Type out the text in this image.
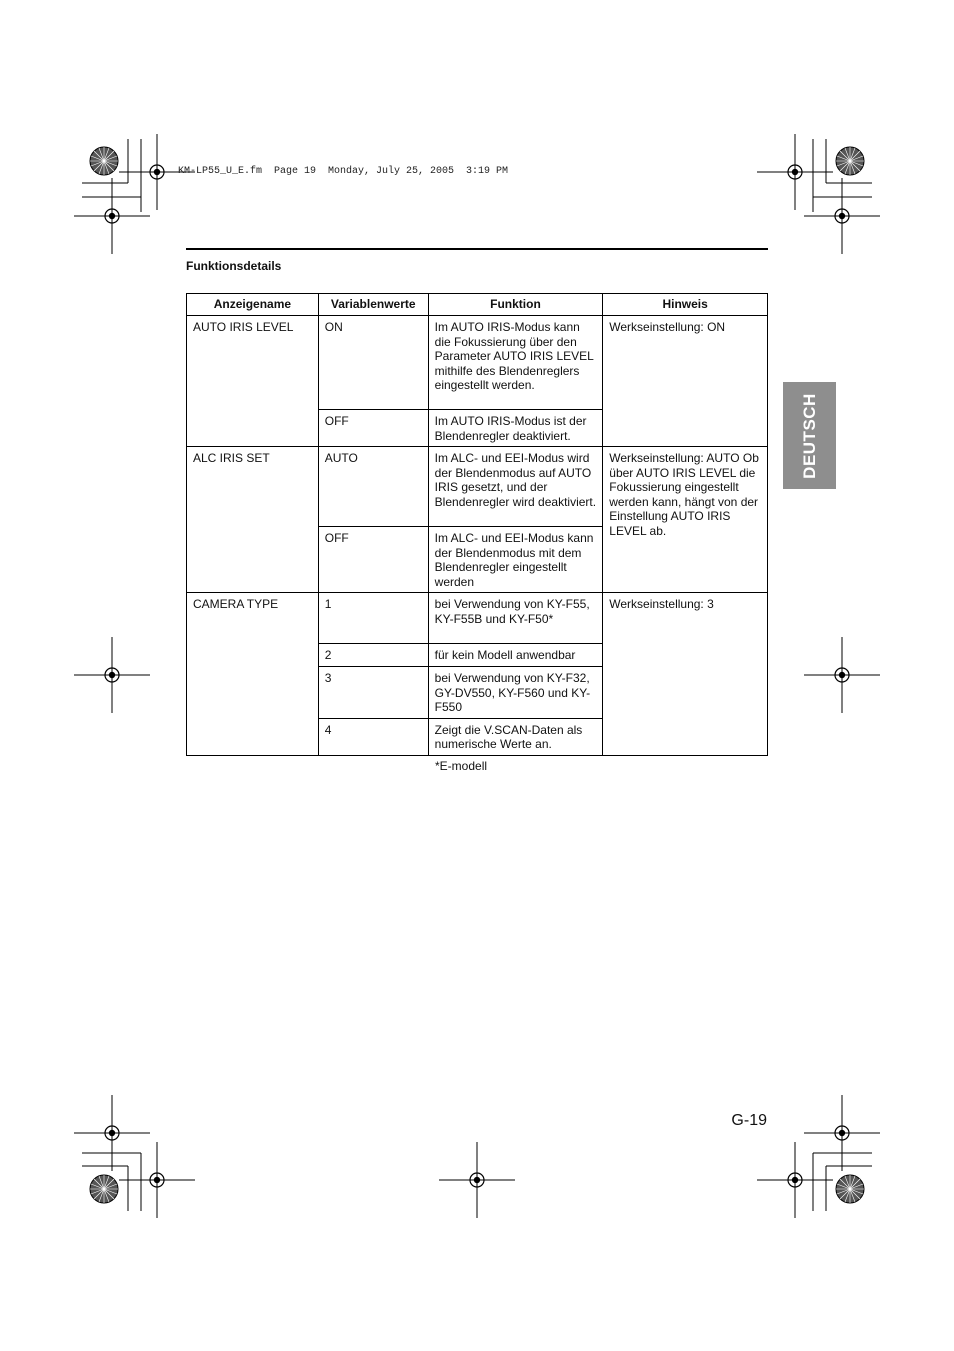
KM-LP55_U_E.fm  Page 19  Monday, July 25, 2005  3:19 PM
Funktionsdetails
Anzeigename	Variablenwerte	Funktion	Hinweis
AUTO IRIS LEVEL	ON	Im AUTO IRIS-Modus kann die Fokussierung über den Parameter AUTO IRIS LEVEL mithilfe des Blendenreglers eingestellt werden.	Werkseinstellung: ON
	OFF	Im AUTO IRIS-Modus ist der Blendenregler deaktiviert.	
ALC IRIS SET	AUTO	Im ALC- und EEI-Modus wird der Blendenmodus auf AUTO IRIS gesetzt, und der Blendenregler wird deaktiviert.	Werkseinstellung: AUTO Ob über AUTO IRIS LEVEL die Fokussierung eingestellt werden kann, hängt von der Einstellung AUTO IRIS LEVEL ab.
	OFF	Im ALC- und EEI-Modus kann der Blendenmodus mit dem Blendenregler eingestellt werden	
CAMERA TYPE	1	bei Verwendung von KY-F55, KY-F55B und KY-F50*	Werkseinstellung: 3
	2	für kein Modell anwendbar	
	3	bei Verwendung von KY-F32, GY-DV550, KY-F560 und KY-F550	
	4	Zeigt die V.SCAN-Daten als numerische Werte an.	
*E-modell
DEUTSCH
G-19
